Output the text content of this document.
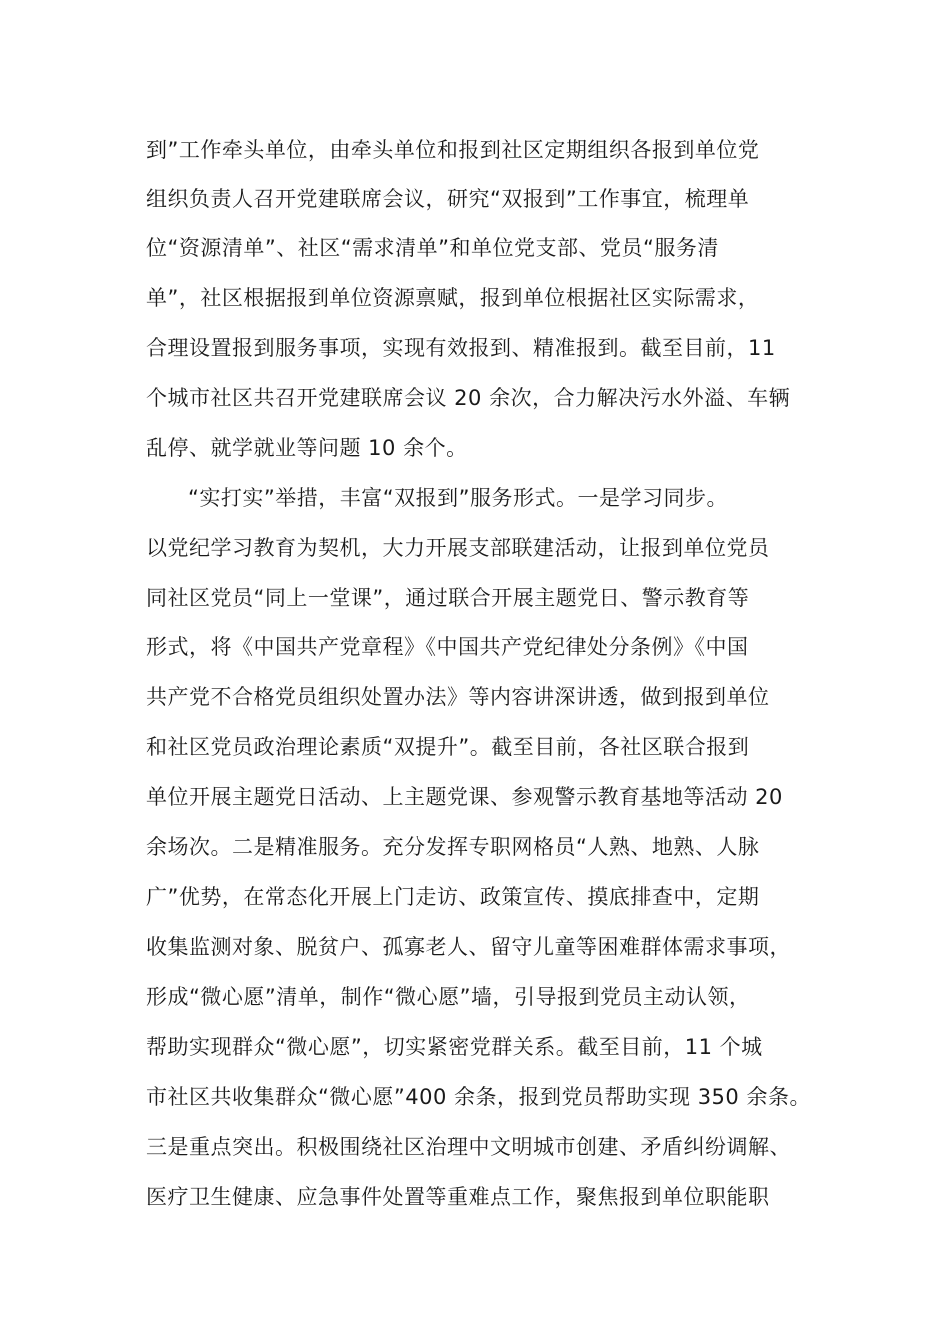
到”工作牵头单位，由牵头单位和报到社区定期组织各报到单位党
组织负责人召开党建联席会议，研究“双报到”工作事宜，梳理单
位“资源清单”、社区“需求清单”和单位党支部、党员“服务清
单”，社区根据报到单位资源禀赋，报到单位根据社区实际需求，
合理设置报到服务事项，实现有效报到、精准报到。截至目前，11
个城市社区共召开党建联席会议 20 余次，合力解决污水外溢、车辆
乱停、就学就业等问题 10 余个。
“实打实”举措，丰富“双报到”服务形式。一是学习同步。
以党纪学习教育为契机，大力开展支部联建活动，让报到单位党员
同社区党员“同上一堂课”，通过联合开展主题党日、警示教育等
形式，将《中国共产党章程》《中国共产党纪律处分条例》《中国
共产党不合格党员组织处置办法》等内容讲深讲透，做到报到单位
和社区党员政治理论素质“双提升”。截至目前，各社区联合报到
单位开展主题党日活动、上主题党课、参观警示教育基地等活动 20
余场次。二是精准服务。充分发挥专职网格员“人熟、地熟、人脉
广”优势，在常态化开展上门走访、政策宣传、摸底排查中，定期
收集监测对象、脱贫户、孤寡老人、留守儿童等困难群体需求事项，
形成“微心愿”清单，制作“微心愿”墙，引导报到党员主动认领，
帮助实现群众“微心愿”，切实紧密党群关系。截至目前，11 个城
市社区共收集群众“微心愿”400 余条，报到党员帮助实现 350 余条。
三是重点突出。积极围绕社区治理中文明城市创建、矛盾纠纷调解、
医疗卫生健康、应急事件处置等重难点工作，聚焦报到单位职能职
